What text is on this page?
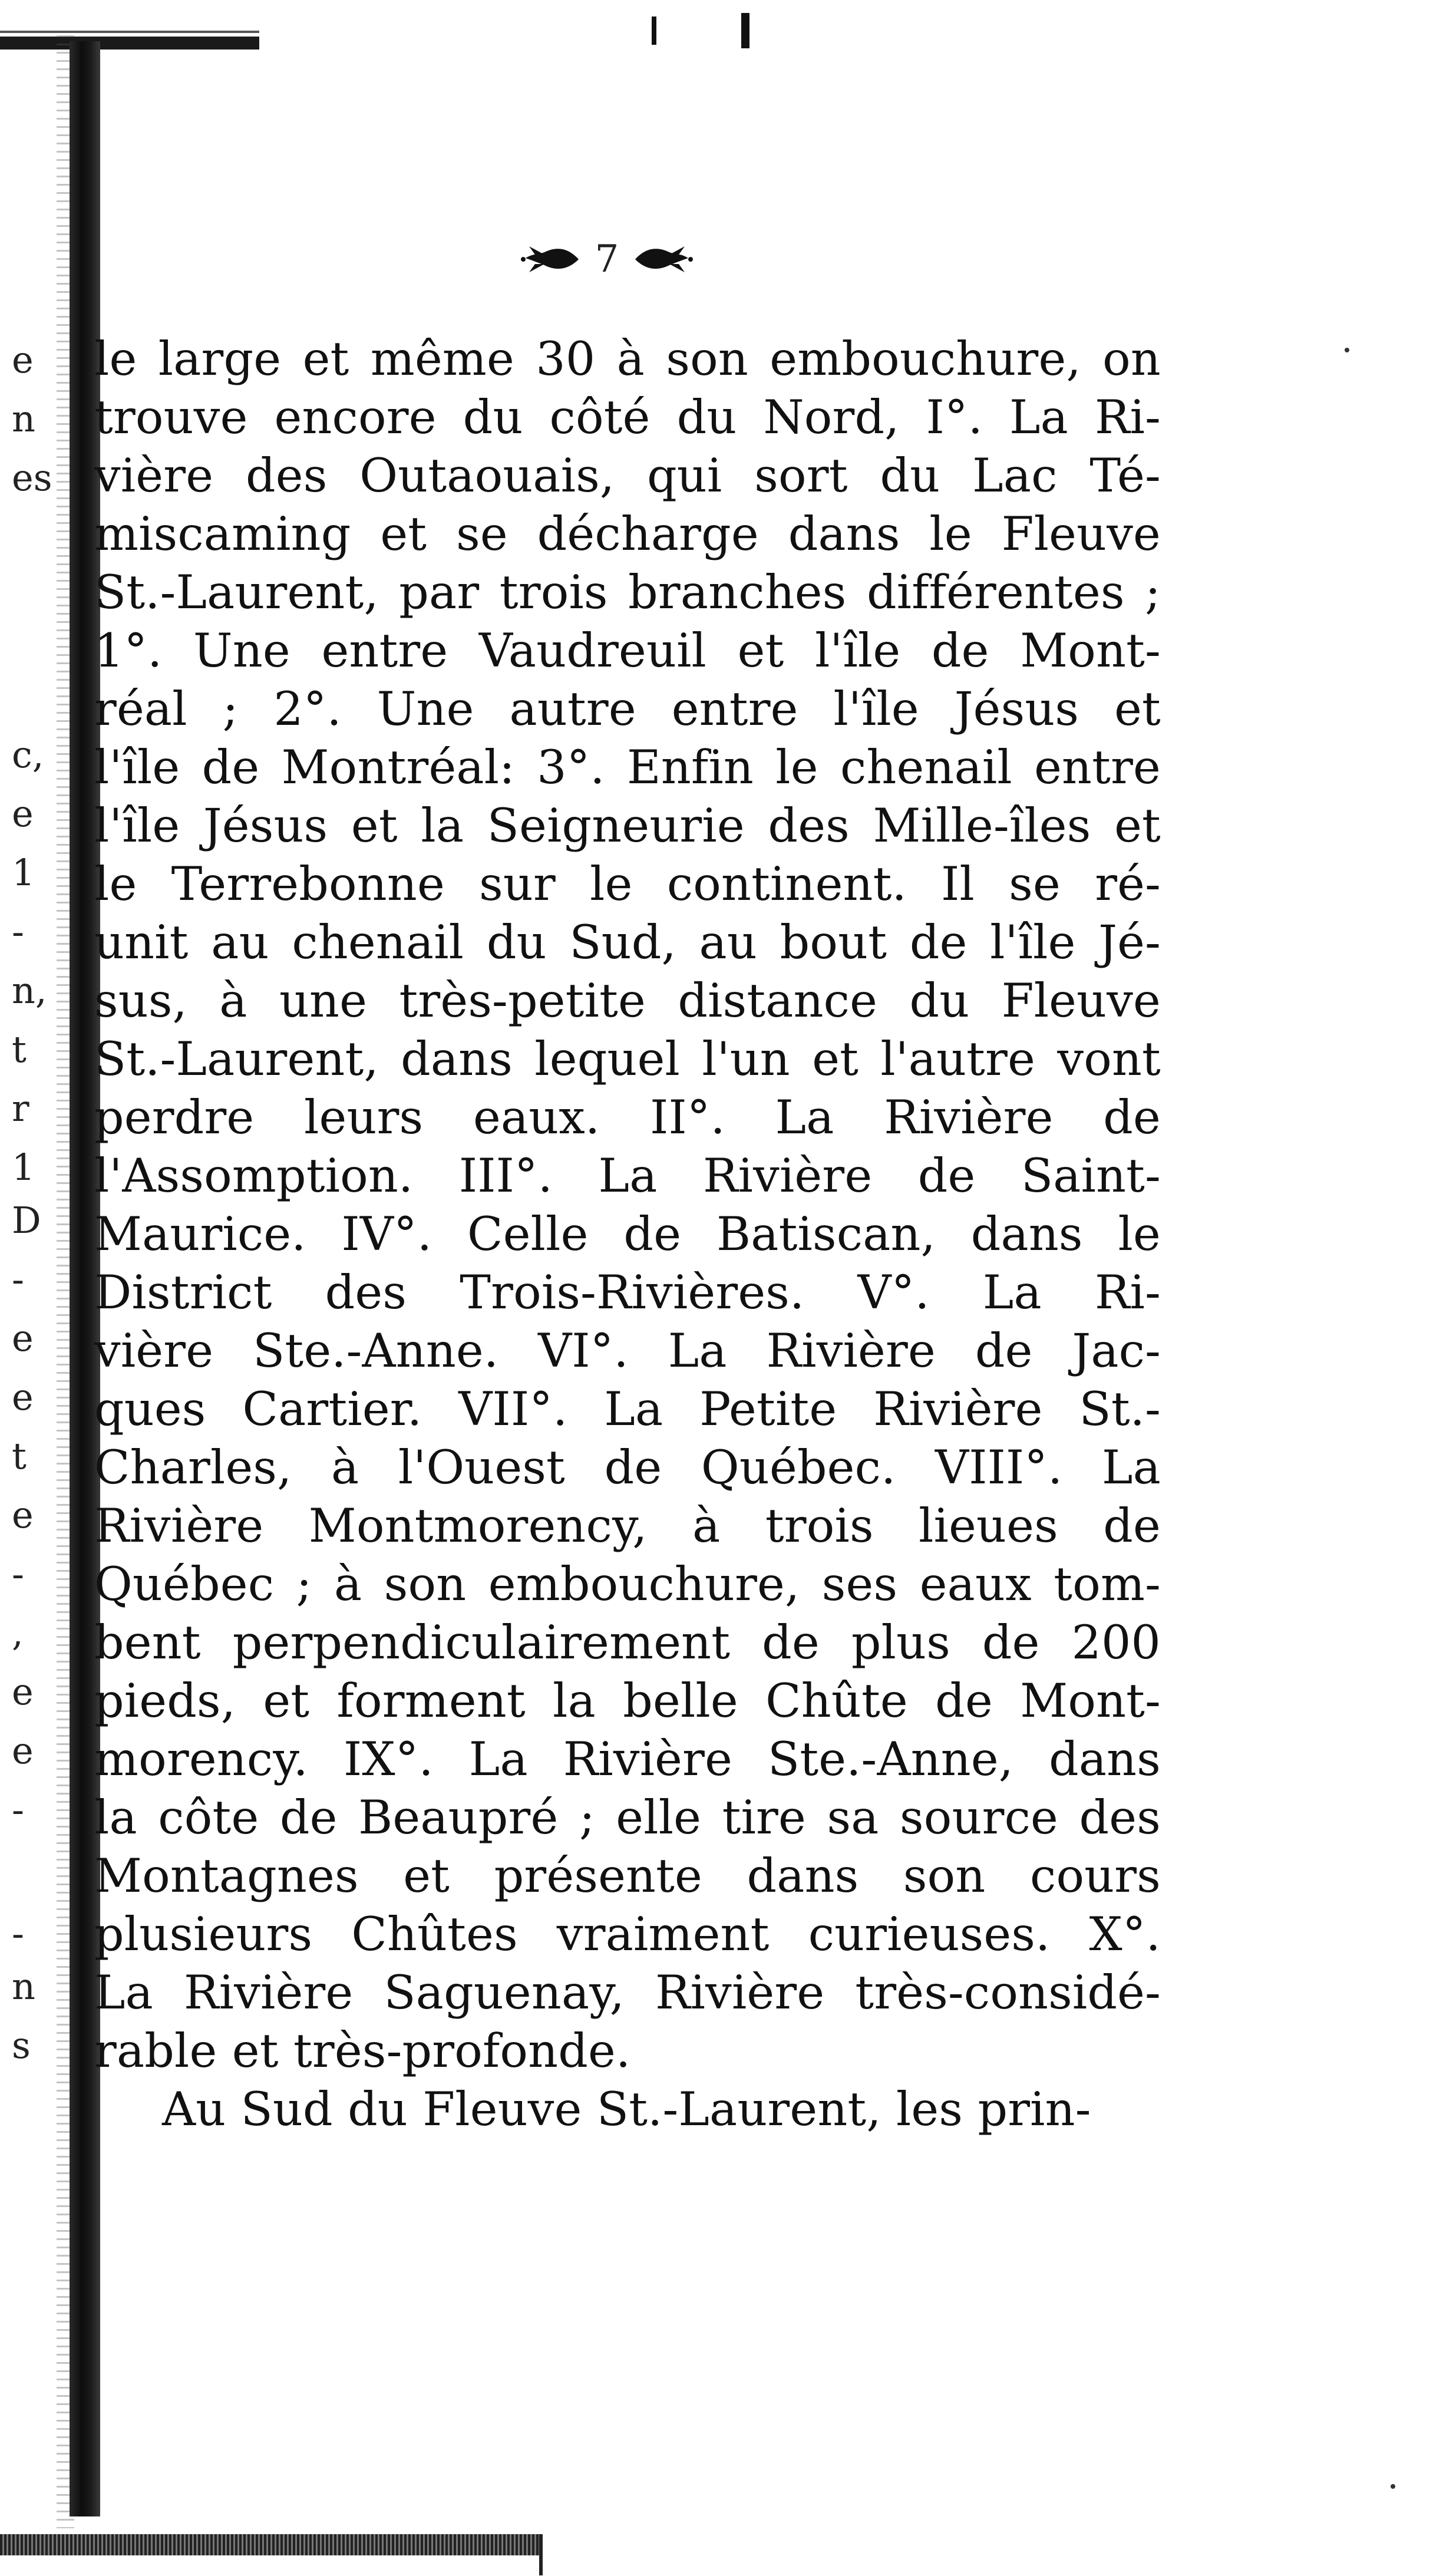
e
n
es
c,
e
1
-
n,
t
r
1
D
-
e
e
t
e
-
,
e
e
-
-
n
s
7
le large et même 30 à son embouchure, on
trouve encore du côté du Nord, I°. La Ri-
vière des Outaouais, qui sort du Lac Té-
miscaming et se décharge dans le Fleuve
St.-Laurent, par trois branches différentes ;
1°. Une entre Vaudreuil et l'île de Mont-
réal ; 2°. Une autre entre l'île Jésus et
l'île de Montréal: 3°. Enfin le chenail entre
l'île Jésus et la Seigneurie des Mille-îles et
le Terrebonne sur le continent. Il se ré-
unit au chenail du Sud, au bout de l'île Jé-
sus, à une très-petite distance du Fleuve
St.-Laurent, dans lequel l'un et l'autre vont
perdre leurs eaux. II°. La Rivière de
l'Assomption. III°. La Rivière de Saint-
Maurice. IV°. Celle de Batiscan, dans le
District des Trois-Rivières. V°. La Ri-
vière Ste.-Anne. VI°. La Rivière de Jac-
ques Cartier. VII°. La Petite Rivière St.-
Charles, à l'Ouest de Québec. VIII°. La
Rivière Montmorency, à trois lieues de
Québec ; à son embouchure, ses eaux tom-
bent perpendiculairement de plus de 200
pieds, et forment la belle Chûte de Mont-
morency. IX°. La Rivière Ste.-Anne, dans
la côte de Beaupré ; elle tire sa source des
Montagnes et présente dans son cours
plusieurs Chûtes vraiment curieuses. X°.
La Rivière Saguenay, Rivière très-considé-
rable et très-profonde.
Au Sud du Fleuve St.-Laurent, les prin-
